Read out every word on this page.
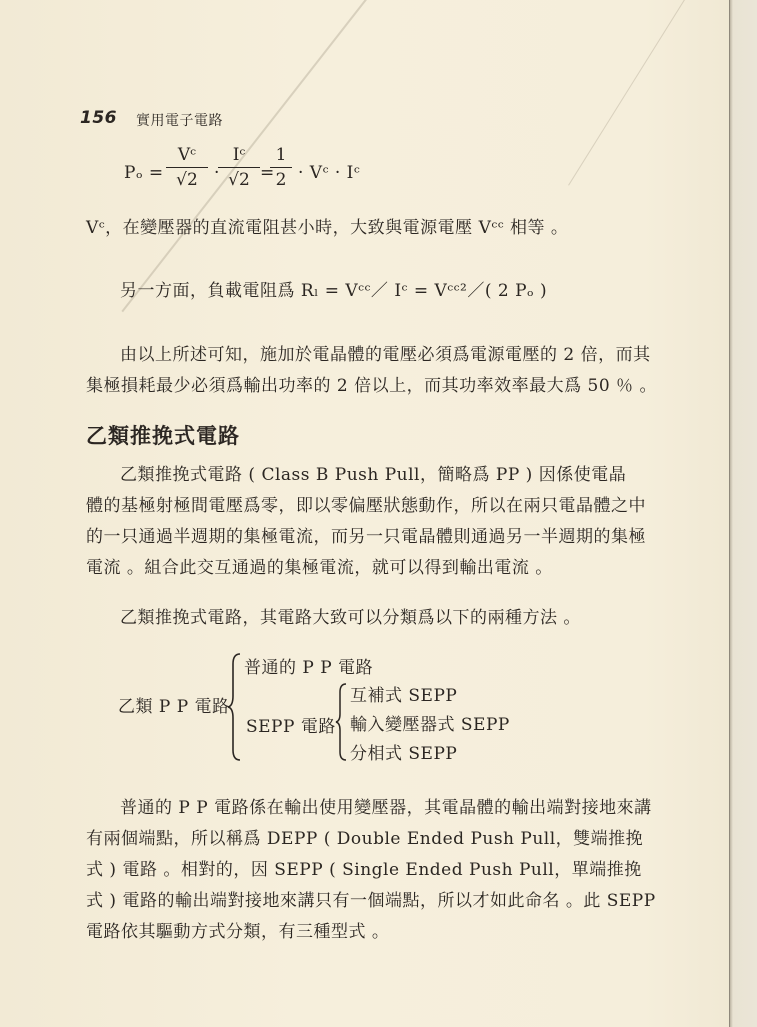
156 實用電子電路
Pₒ =
Vᶜ
√2 ·
Iᶜ
√2 =
1
2 · Vᶜ · Iᶜ
Vᶜ，在變壓器的直流電阻甚小時，大致與電源電壓 Vᶜᶜ 相等 。
另一方面，負載電阻爲 Rₗ = Vᶜᶜ／ Iᶜ = Vᶜᶜ²／( 2 Pₒ )
由以上所述可知，施加於電晶體的電壓必須爲電源電壓的 2 倍，而其
集極損耗最少必須爲輸出功率的 2 倍以上，而其功率效率最大爲 50 ％ 。
乙類推挽式電路
乙類推挽式電路 ( Class B Push Pull，簡略爲 PP ) 因係使電晶
體的基極射極間電壓爲零，即以零偏壓狀態動作，所以在兩只電晶體之中
的一只通過半週期的集極電流，而另一只電晶體則通過另一半週期的集極
電流 。組合此交互通過的集極電流，就可以得到輸出電流 。
乙類推挽式電路，其電路大致可以分類爲以下的兩種方法 。
乙類 P P 電路
普通的 P P 電路
SEPP 電路
互補式 SEPP
輸入變壓器式 SEPP
分相式 SEPP
普通的 P P 電路係在輸出使用變壓器，其電晶體的輸出端對接地來講
有兩個端點，所以稱爲 DEPP ( Double Ended Push Pull，雙端推挽
式 ) 電路 。相對的，因 SEPP ( Single Ended Push Pull，單端推挽
式 ) 電路的輸出端對接地來講只有一個端點，所以才如此命名 。此 SEPP
電路依其驅動方式分類，有三種型式 。
